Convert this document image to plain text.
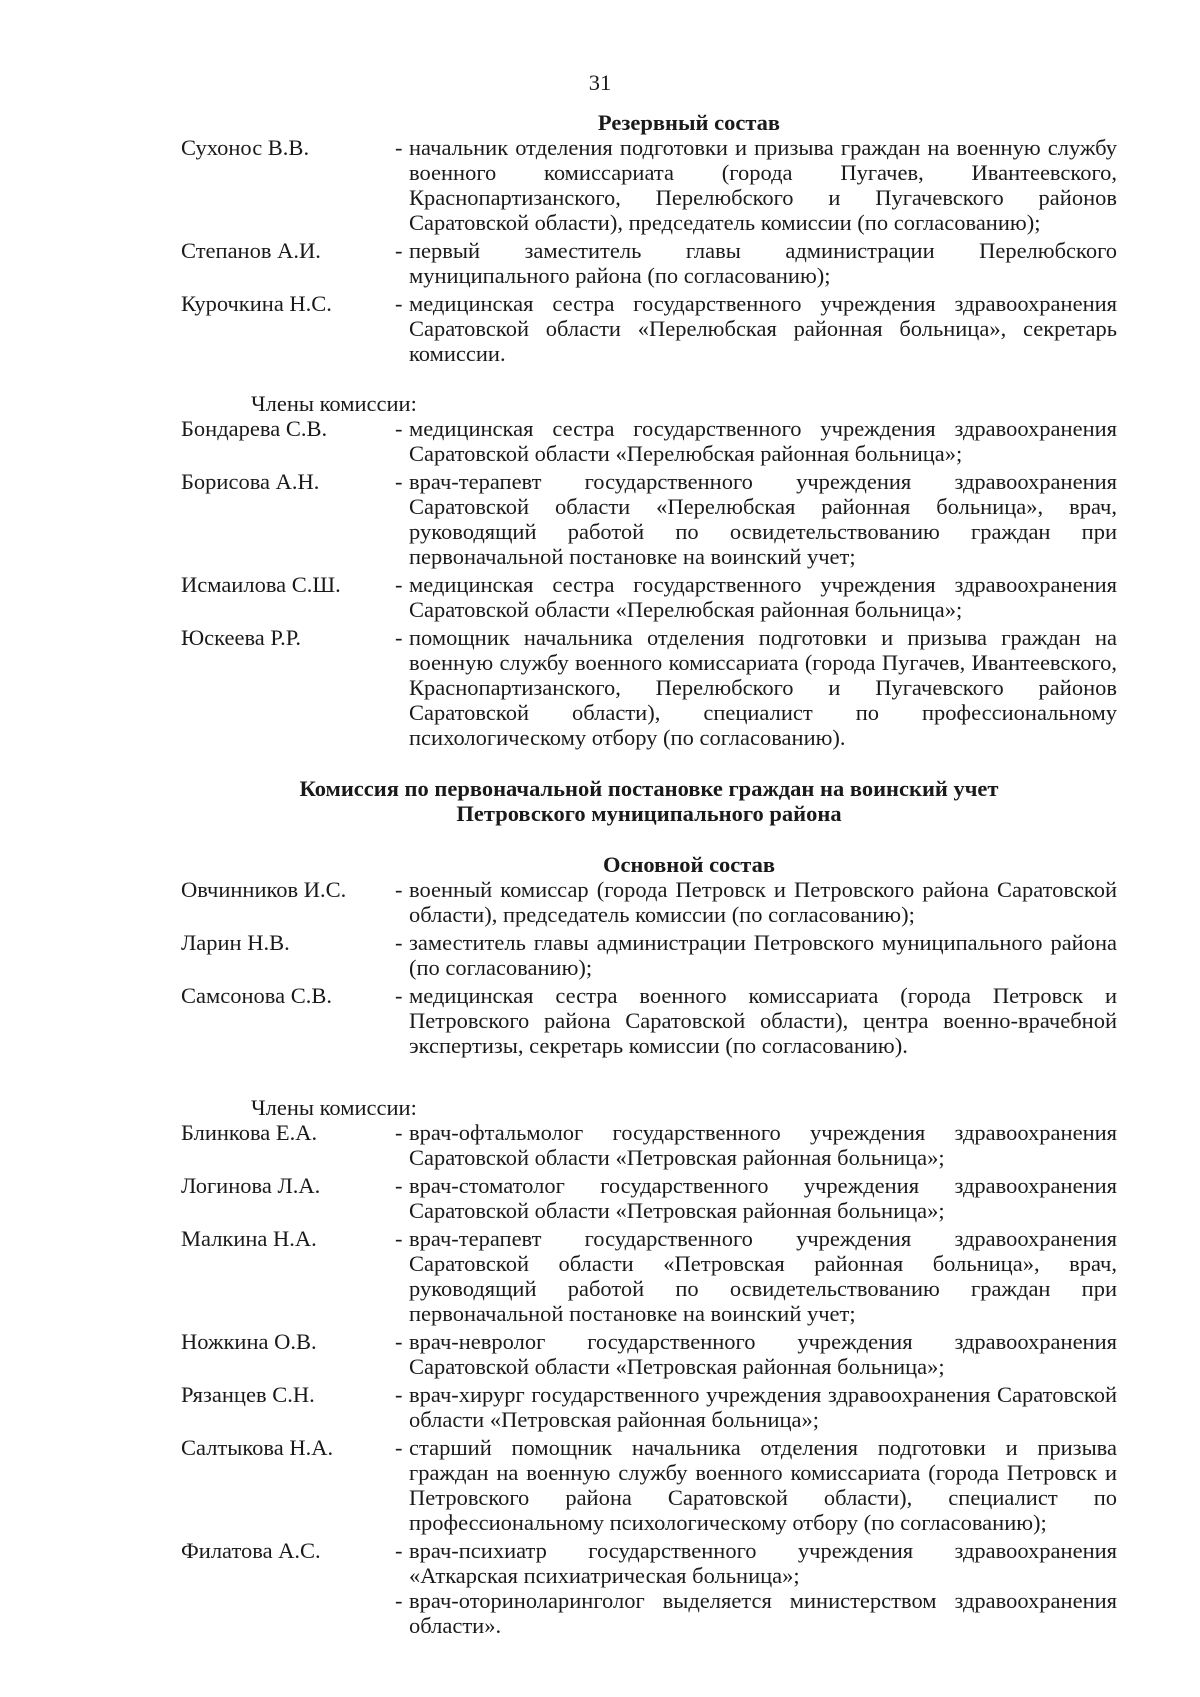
31
Резервный состав
Сухонос В.В.	- начальник отделения подготовки и призыва граждан на военную службу военного комиссариата (города Пугачев, Ивантеевского, Краснопартизанского, Перелюбского и Пугачевского районов Саратовской области), председатель комиссии (по согласованию);
Степанов А.И.	- первый заместитель главы администрации Перелюбского муниципального района (по согласованию);
Курочкина Н.С.	- медицинская сестра государственного учреждения здравоохранения Саратовской области «Перелюбская районная больница», секретарь комиссии.
Члены комиссии:
Бондарева С.В.	- медицинская сестра государственного учреждения здравоохранения Саратовской области «Перелюбская районная больница»;
Борисова А.Н.	- врач-терапевт государственного учреждения здравоохранения Саратовской области «Перелюбская районная больница», врач, руководящий работой по освидетельствованию граждан при первоначальной постановке на воинский учет;
Исмаилова С.Ш.	- медицинская сестра государственного учреждения здравоохранения Саратовской области «Перелюбская районная больница»;
Юскеева Р.Р.	- помощник начальника отделения подготовки и призыва граждан на военную службу военного комиссариата (города Пугачев, Ивантеевского, Краснопартизанского, Перелюбского и Пугачевского районов Саратовской области), специалист по профессиональному психологическому отбору (по согласованию).
Комиссия по первоначальной постановке граждан на воинский учет
Петровского муниципального района
Основной состав
Овчинников И.С.	- военный комиссар (города Петровск и Петровского района Саратовской области), председатель комиссии (по согласованию);
Ларин Н.В.	- заместитель главы администрации Петровского муниципального района (по согласованию);
Самсонова С.В.	- медицинская сестра военного комиссариата (города Петровск и Петровского района Саратовской области), центра военно-врачебной экспертизы, секретарь комиссии (по согласованию).
Члены комиссии:
Блинкова Е.А.	- врач-офтальмолог государственного учреждения здравоохранения Саратовской области «Петровская районная больница»;
Логинова Л.А.	- врач-стоматолог государственного учреждения здравоохранения Саратовской области «Петровская районная больница»;
Малкина Н.А.	- врач-терапевт государственного учреждения здравоохранения Саратовской области «Петровская районная больница», врач, руководящий работой по освидетельствованию граждан при первоначальной постановке на воинский учет;
Ножкина О.В.	- врач-невролог государственного учреждения здравоохранения Саратовской области «Петровская районная больница»;
Рязанцев С.Н.	- врач-хирург государственного учреждения здравоохранения Саратовской области «Петровская районная больница»;
Салтыкова Н.А.	- старший помощник начальника отделения подготовки и призыва граждан на военную службу военного комиссариата (города Петровск и Петровского района Саратовской области), специалист по профессиональному психологическому отбору (по согласованию);
Филатова А.С.	- врач-психиатр государственного учреждения здравоохранения «Аткарская психиатрическая больница»;
- врач-оториноларинголог выделяется министерством здравоохранения области».
